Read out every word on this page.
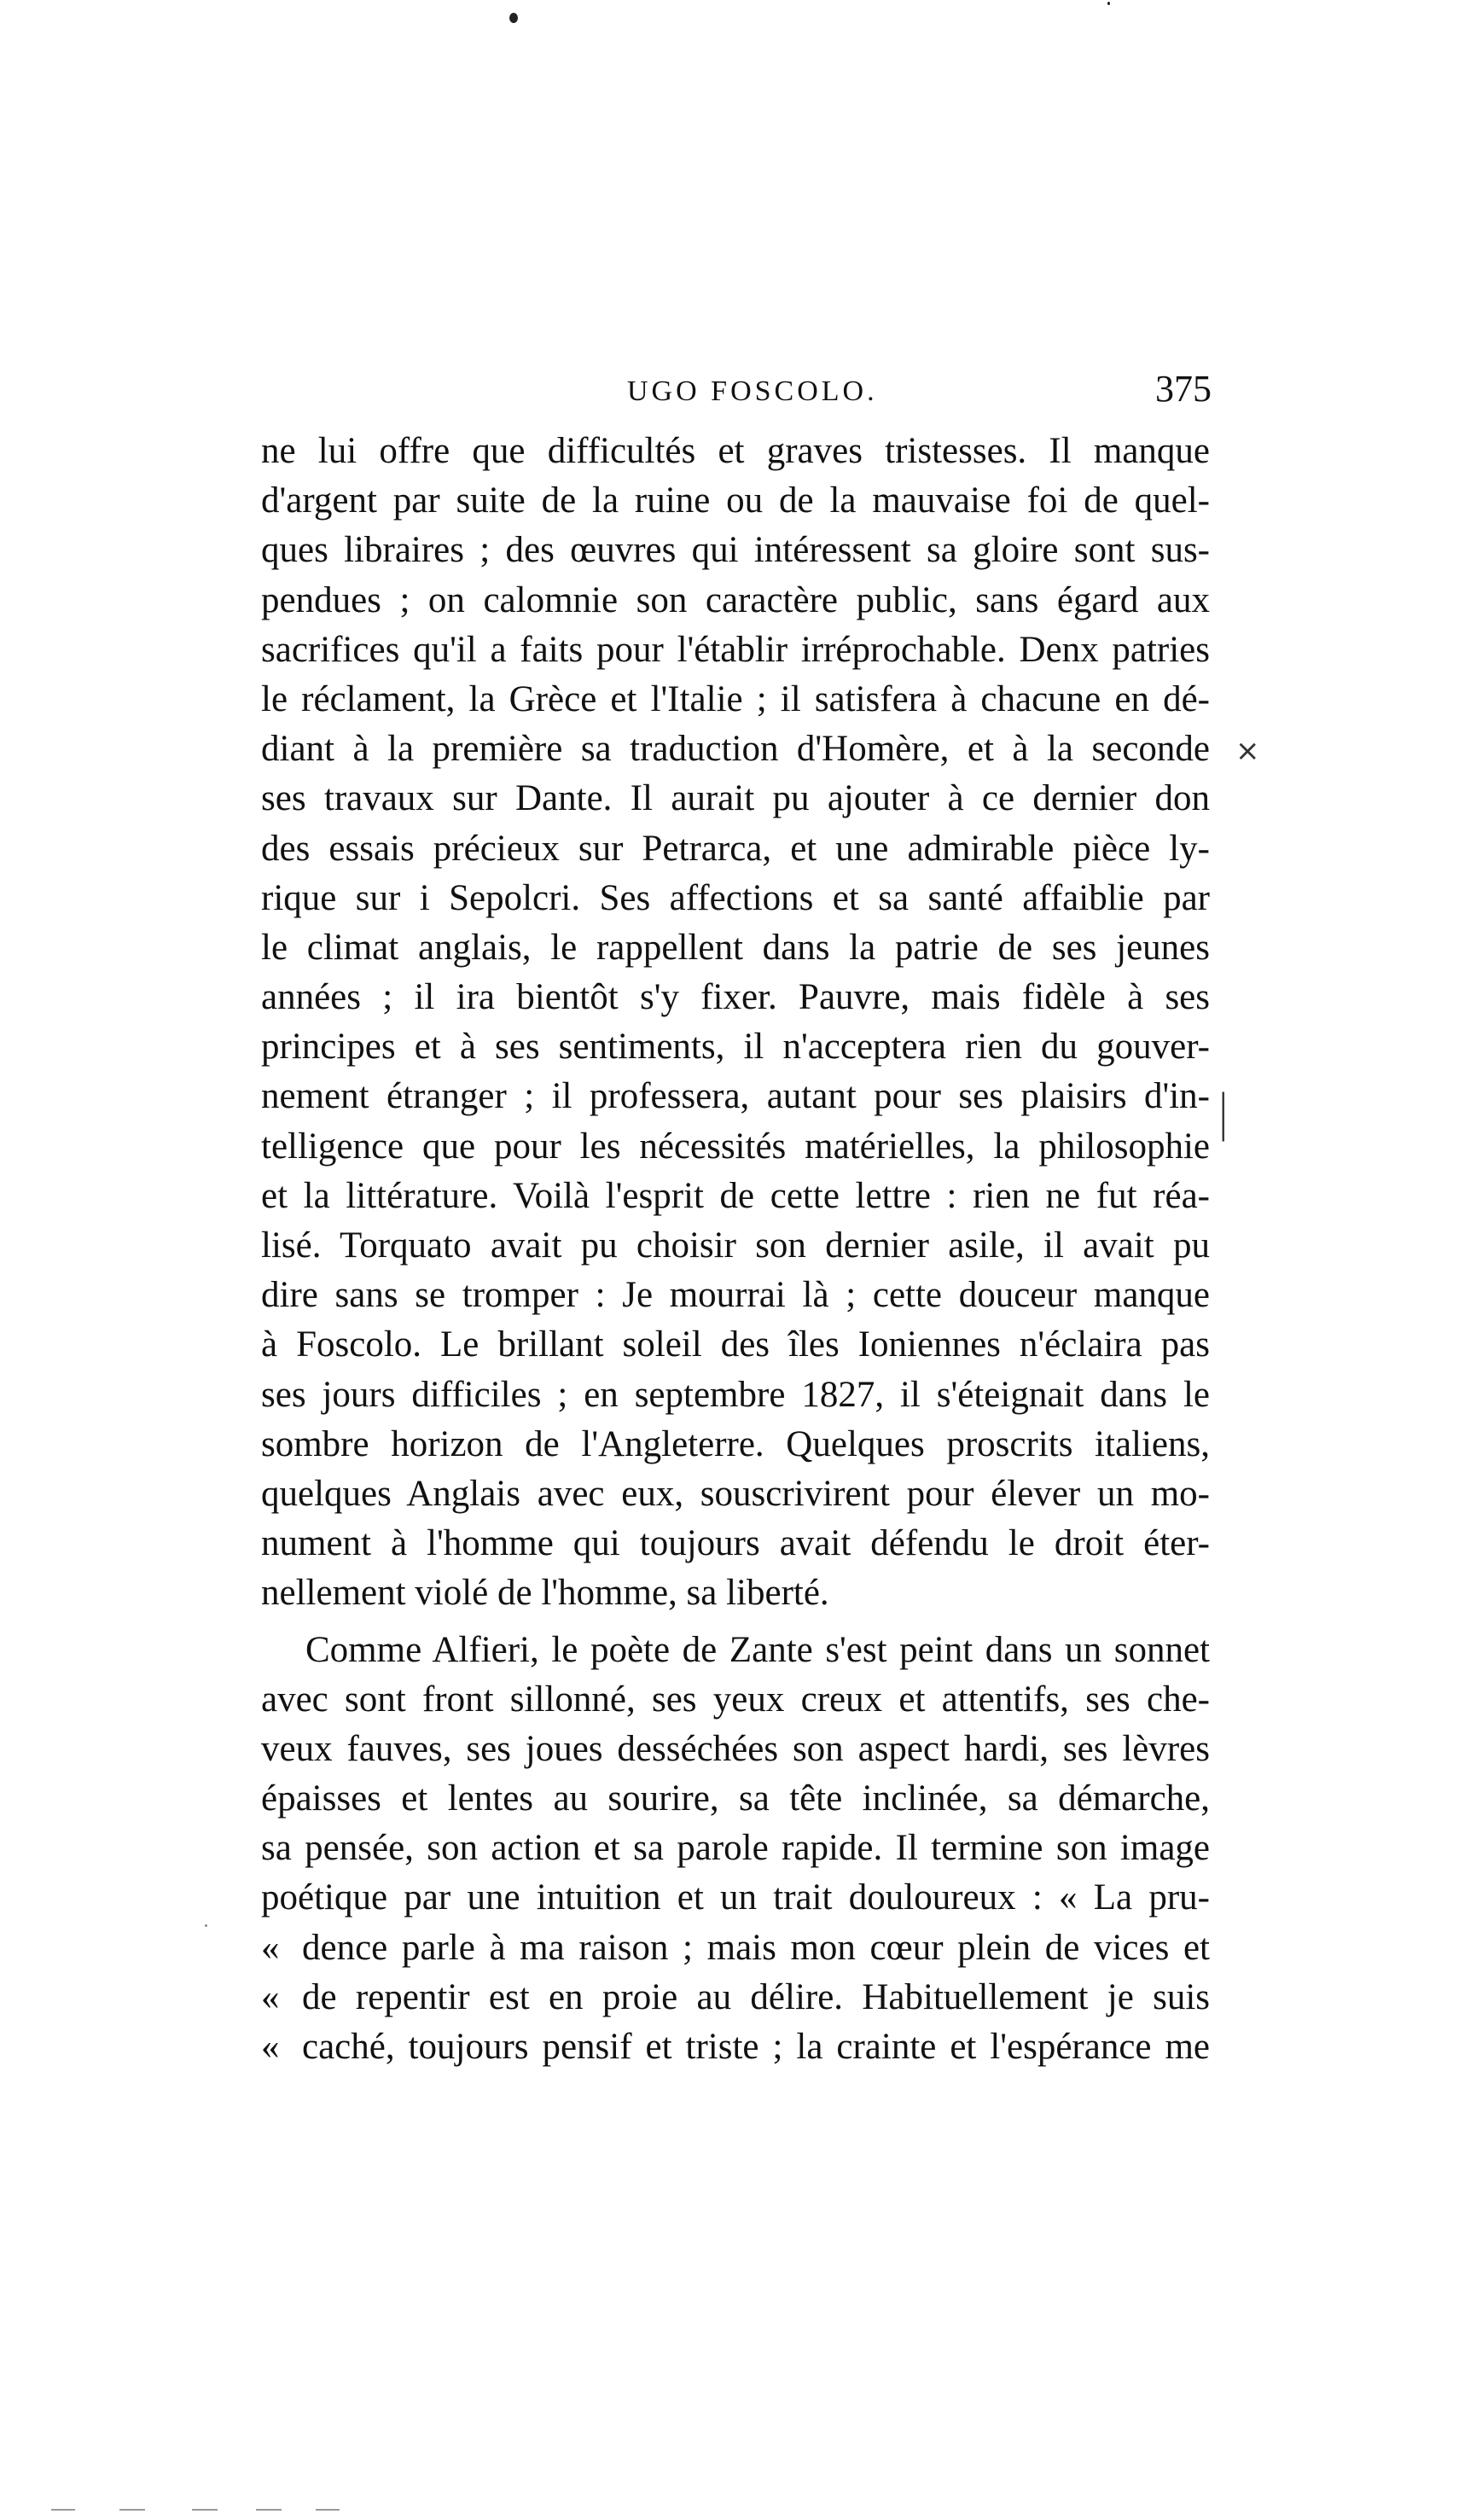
UGO FOSCOLO.	375
×
|
ne lui offre que difficultés et graves tristesses. Il manque
d'argent par suite de la ruine ou de la mauvaise foi de quel-
ques libraires ; des œuvres qui intéressent sa gloire sont sus-
pendues ; on calomnie son caractère public, sans égard aux
sacrifices qu'il a faits pour l'établir irréprochable. Denx patries
le réclament, la Grèce et l'Italie ; il satisfera à chacune en dé-
diant à la première sa traduction d'Homère, et à la seconde
ses travaux sur Dante. Il aurait pu ajouter à ce dernier don
des essais précieux sur Petrarca, et une admirable pièce ly-
rique sur i Sepolcri. Ses affections et sa santé affaiblie par
le climat anglais, le rappellent dans la patrie de ses jeunes
années ; il ira bientôt s'y fixer. Pauvre, mais fidèle à ses
principes et à ses sentiments, il n'acceptera rien du gouver-
nement étranger ; il professera, autant pour ses plaisirs d'in-
telligence que pour les nécessités matérielles, la philosophie
et la littérature. Voilà l'esprit de cette lettre : rien ne fut réa-
lisé. Torquato avait pu choisir son dernier asile, il avait pu
dire sans se tromper : Je mourrai là ; cette douceur manque
à Foscolo. Le brillant soleil des îles Ioniennes n'éclaira pas
ses jours difficiles ; en septembre 1827, il s'éteignait dans le
sombre horizon de l'Angleterre. Quelques proscrits italiens,
quelques Anglais avec eux, souscrivirent pour élever un mo-
nument à l'homme qui toujours avait défendu le droit éter-
nellement violé de l'homme, sa liberté.
Comme Alfieri, le poète de Zante s'est peint dans un sonnet
avec sont front sillonné, ses yeux creux et attentifs, ses che-
veux fauves, ses joues desséchées son aspect hardi, ses lèvres
épaisses et lentes au sourire, sa tête inclinée, sa démarche,
sa pensée, son action et sa parole rapide. Il termine son image
poétique par une intuition et un trait douloureux : « La pru-
« dence parle à ma raison ; mais mon cœur plein de vices et
« de repentir est en proie au délire. Habituellement je suis
« caché, toujours pensif et triste ; la crainte et l'espérance me
